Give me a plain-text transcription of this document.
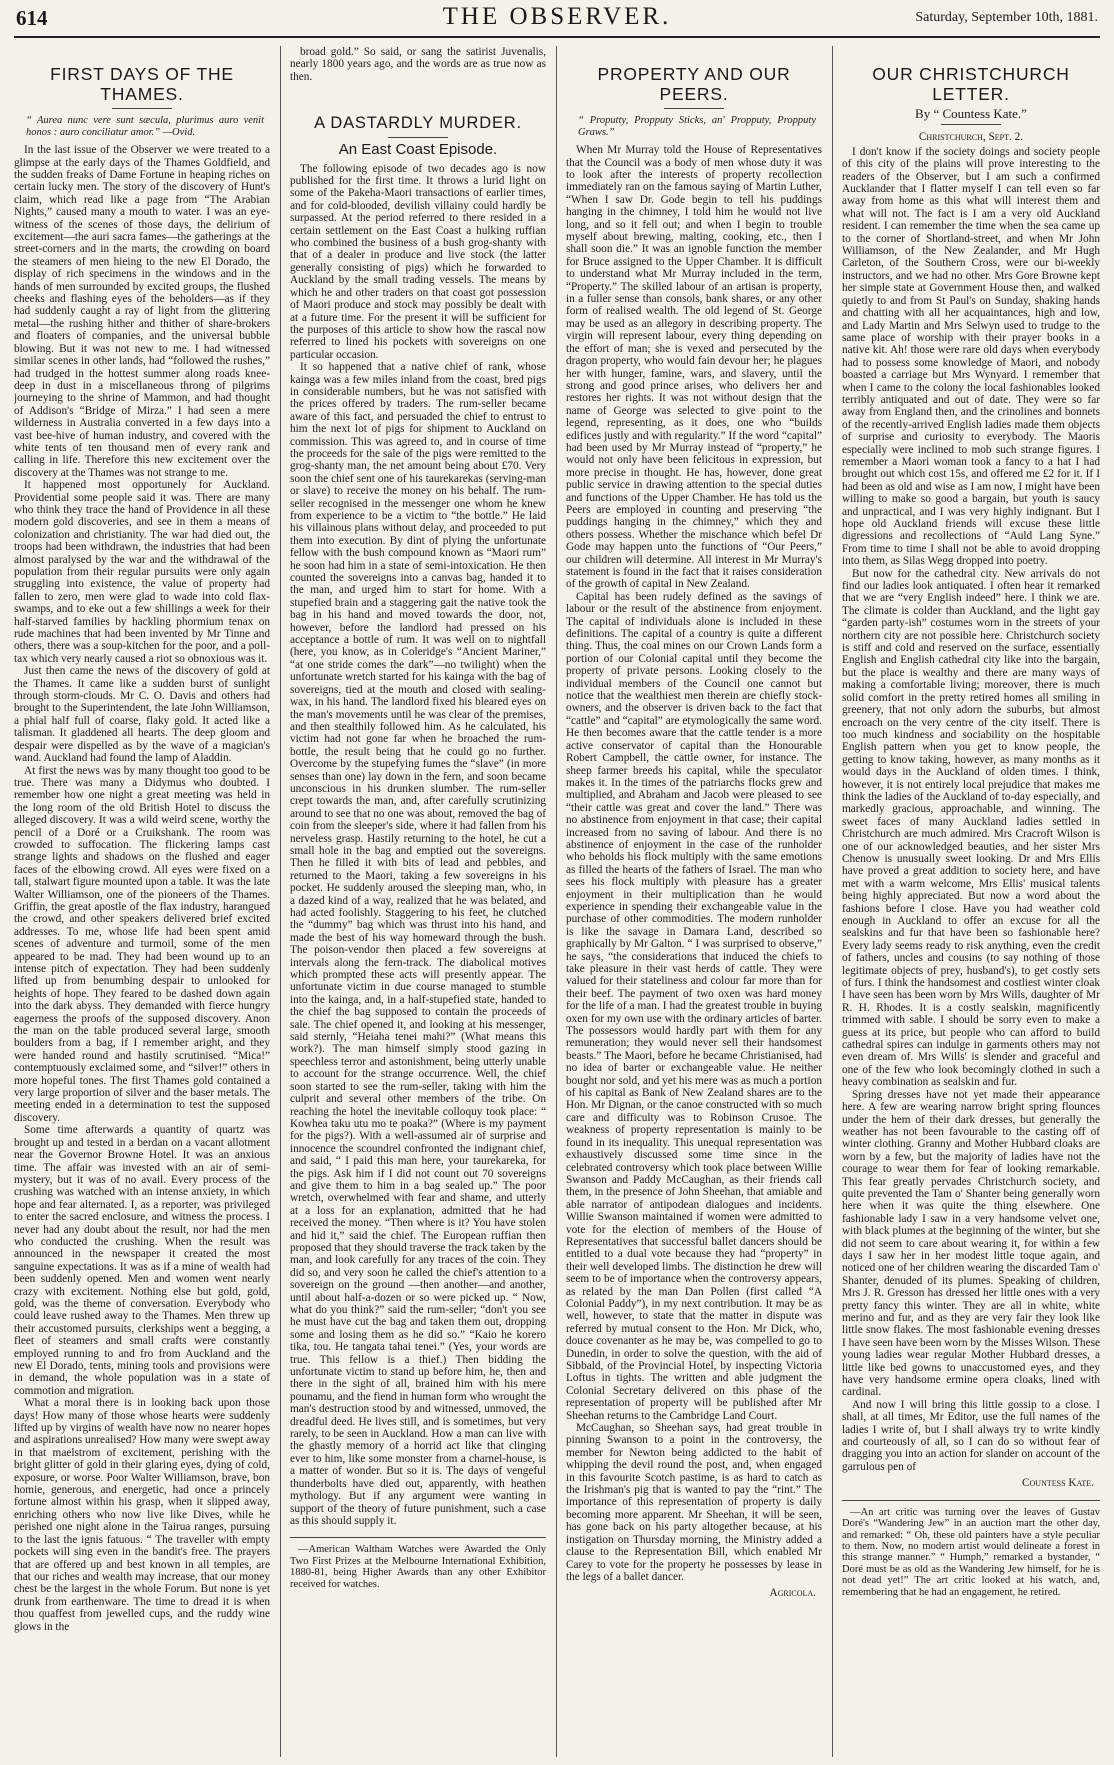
614	THE OBSERVER.	Saturday, September 10th, 1881.
FIRST DAYS OF THE THAMES.
“ Aurea nunc vere sunt sæcula, plurimus auro venit honos : auro conciliatur amor.” —Ovid.

In the last issue of the Observer we were treated to a glimpse at the early days of the Thames Goldfield, and the sudden freaks of Dame Fortune in heaping riches on certain lucky men. The story of the discovery of Hunt's claim, which read like a page from “The Arabian Nights,” caused many a mouth to water. I was an eye-witness of the scenes of those days, the delirium of excitement—the auri sacra fames—the gatherings at the street-corners and in the marts, the crowding on board the steamers of men hieing to the new El Dorado, the display of rich specimens in the windows and in the hands of men surrounded by excited groups, the flushed cheeks and flashing eyes of the beholders—as if they had suddenly caught a ray of light from the glittering metal—the rushing hither and thither of share-brokers and floaters of companies, and the universal bubble blowing. But it was not new to me. I had witnessed similar scenes in other lands, had “followed the rushes,” had trudged in the hottest summer along roads knee-deep in dust in a miscellaneous throng of pilgrims journeying to the shrine of Mammon, and had thought of Addison's “Bridge of Mirza.” I had seen a mere wilderness in Australia converted in a few days into a vast bee-hive of human industry, and covered with the white tents of ten thousand men of every rank and calling in life. Therefore this new excitement over the discovery at the Thames was not strange to me.

It happened most opportunely for Auckland. Providential some people said it was. There are many who think they trace the hand of Providence in all these modern gold discoveries, and see in them a means of colonization and christianity. The war had died out, the troops had been withdrawn, the industries that had been almost paralysed by the war and the withdrawal of the population from their regular pursuits were only again struggling into existence, the value of property had fallen to zero, men were glad to wade into cold flax-swamps, and to eke out a few shillings a week for their half-starved families by hackling phormium tenax on rude machines that had been invented by Mr Tinne and others, there was a soup-kitchen for the poor, and a poll-tax which very nearly caused a riot so obnoxious was it.

Just then came the news of the discovery of gold at the Thames. It came like a sudden burst of sunlight through storm-clouds. Mr C. O. Davis and others had brought to the Superintendent, the late John Williamson, a phial half full of coarse, flaky gold. It acted like a talisman. It gladdened all hearts. The deep gloom and despair were dispelled as by the wave of a magician's wand. Auckland had found the lamp of Aladdin.

At first the news was by many thought too good to be true. There was many a Didymus who doubted. I remember how one night a great meeting was held in the long room of the old British Hotel to discuss the alleged discovery. It was a wild weird scene, worthy the pencil of a Doré or a Cruikshank. The room was crowded to suffocation. The flickering lamps cast strange lights and shadows on the flushed and eager faces of the elbowing crowd. All eyes were fixed on a tall, stalwart figure mounted upon a table. It was the late Walter Williamson, one of the pioneers of the Thames. Griffin, the great apostle of the flax industry, harangued the crowd, and other speakers delivered brief excited addresses. To me, whose life had been spent amid scenes of adventure and turmoil, some of the men appeared to be mad. They had been wound up to an intense pitch of expectation. They had been suddenly lifted up from benumbing despair to unlooked for heights of hope. They feared to be dashed down again into the dark abyss. They demanded with fierce hungry eagerness the proofs of the supposed discovery. Anon the man on the table produced several large, smooth boulders from a bag, if I remember aright, and they were handed round and hastily scrutinised. “Mica!” contemptuously exclaimed some, and “silver!” others in more hopeful tones. The first Thames gold contained a very large proportion of silver and the baser metals. The meeting ended in a determination to test the supposed discovery.

Some time afterwards a quantity of quartz was brought up and tested in a berdan on a vacant allotment near the Governor Browne Hotel. It was an anxious time. The affair was invested with an air of semi-mystery, but it was of no avail. Every process of the crushing was watched with an intense anxiety, in which hope and fear alternated. I, as a reporter, was privileged to enter the sacred enclosure, and witness the process. I never had any doubt about the result, nor had the men who conducted the crushing. When the result was announced in the newspaper it created the most sanguine expectations. It was as if a mine of wealth had been suddenly opened. Men and women went nearly crazy with excitement. Nothing else but gold, gold, gold, was the theme of conversation. Everybody who could leave rushed away to the Thames. Men threw up their accustomed pursuits, clerkships went a begging, a fleet of steamers and small crafts were constantly employed running to and fro from Auckland and the new El Dorado, tents, mining tools and provisions were in demand, the whole population was in a state of commotion and migration.

What a moral there is in looking back upon those days! How many of those whose hearts were suddenly lifted up by virgins of wealth have now no nearer hopes and aspirations unrealised? How many were swept away in that maelstrom of excitement, perishing with the bright glitter of gold in their glaring eyes, dying of cold, exposure, or worse. Poor Walter Williamson, brave, bon homie, generous, and energetic, had once a princely fortune almost within his grasp, when it slipped away, enriching others who now live like Dives, while he perished one night alone in the Tairua ranges, pursuing to the last the ignis fatuous. “ The traveller with empty pockets will sing even in the bandit's free. The prayers that are offered up and best known in all temples, are that our riches and wealth may increase, that our money chest be the largest in the whole Forum. But none is yet drunk from earthenware. The time to dread it is when thou quaffest from jewelled cups, and the ruddy wine glows in the

broad gold.” So said, or sang the satirist Juvenalis, nearly 1800 years ago, and the words are as true now as then.

A DASTARDLY MURDER.
An East Coast Episode.

The following episode of two decades ago is now published for the first time. It throws a lurid light on some of the Pakeha-Maori transactions of earlier times, and for cold-blooded, devilish villainy could hardly be surpassed. At the period referred to there resided in a certain settlement on the East Coast a hulking ruffian who combined the business of a bush grog-shanty with that of a dealer in produce and live stock (the latter generally consisting of pigs) which he forwarded to Auckland by the small trading vessels. The means by which he and other traders on that coast got possession of Maori produce and stock may possibly be dealt with at a future time. For the present it will be sufficient for the purposes of this article to show how the rascal now referred to lined his pockets with sovereigns on one particular occasion.

It so happened that a native chief of rank, whose kainga was a few miles inland from the coast, bred pigs in considerable numbers, but he was not satisfied with the prices offered by traders. The rum-seller became aware of this fact, and persuaded the chief to entrust to him the next lot of pigs for shipment to Auckland on commission. This was agreed to, and in course of time the proceeds for the sale of the pigs were remitted to the grog-shanty man, the net amount being about £70. Very soon the chief sent one of his taurekarekas (serving-man or slave) to receive the money on his behalf. The rum-seller recognised in the messenger one whom he knew from experience to be a victim to “the bottle.” He laid his villainous plans without delay, and proceeded to put them into execution. By dint of plying the unfortunate fellow with the bush compound known as “Maori rum” he soon had him in a state of semi-intoxication. He then counted the sovereigns into a canvas bag, handed it to the man, and urged him to start for home. With a stupefied brain and a staggering gait the native took the bag in his hand and moved towards the door, not, however, before the landlord had pressed on his acceptance a bottle of rum. It was well on to nightfall (here, you know, as in Coleridge's “Ancient Mariner,” “at one stride comes the dark”—no twilight) when the unfortunate wretch started for his kainga with the bag of sovereigns, tied at the mouth and closed with sealing-wax, in his hand. The landlord fixed his bleared eyes on the man's movements until he was clear of the premises, and then stealthily followed him. As he calculated, his victim had not gone far when he broached the rum-bottle, the result being that he could go no further. Overcome by the stupefying fumes the “slave” (in more senses than one) lay down in the fern, and soon became unconscious in his drunken slumber. The rum-seller crept towards the man, and, after carefully scrutinizing around to see that no one was about, removed the bag of coin from the sleeper's side, where it had fallen from his nerveless grasp. Hastily returning to the hotel, he cut a small hole in the bag and emptied out the sovereigns. Then he filled it with bits of lead and pebbles, and returned to the Maori, taking a few sovereigns in his pocket. He suddenly aroused the sleeping man, who, in a dazed kind of a way, realized that he was belated, and had acted foolishly. Staggering to his feet, he clutched the “dummy” bag which was thrust into his hand, and made the best of his way homeward through the bush. The poison-vendor then placed a few sovereigns at intervals along the fern-track. The diabolical motives which prompted these acts will presently appear. The unfortunate victim in due course managed to stumble into the kainga, and, in a half-stupefied state, handed to the chief the bag supposed to contain the proceeds of sale. The chief opened it, and looking at his messenger, said sternly, “Heiaha tenei mahi?” (What means this work?). The man himself simply stood gazing in speechless terror and astonishment, being utterly unable to account for the strange occurrence. Well, the chief soon started to see the rum-seller, taking with him the culprit and several other members of the tribe. On reaching the hotel the inevitable colloquy took place: “ Kowhea taku utu mo te poaka?” (Where is my payment for the pigs?). With a well-assumed air of surprise and innocence the scoundrel confronted the indignant chief, and said, “ I paid this man here, your taurekareka, for the pigs. Ask him if I did not count out 70 sovereigns and give them to him in a bag sealed up.” The poor wretch, overwhelmed with fear and shame, and utterly at a loss for an explanation, admitted that he had received the money. “Then where is it? You have stolen and hid it,” said the chief. The European ruffian then proposed that they should traverse the track taken by the man, and look carefully for any traces of the coin. They did so, and very soon he called the chief's attention to a sovereign on the ground —then another—and another, until about half-a-dozen or so were picked up. “ Now, what do you think?” said the rum-seller; “don't you see he must have cut the bag and taken them out, dropping some and losing them as he did so.” “Kaio he korero tika, tou. He tangata tahai tenei.” (Yes, your words are true. This fellow is a thief.) Then bidding the unfortunate victim to stand up before him, he, then and there in the sight of all, brained him with his mere pounamu, and the fiend in human form who wrought the man's destruction stood by and witnessed, unmoved, the dreadful deed. He lives still, and is sometimes, but very rarely, to be seen in Auckland. How a man can live with the ghastly memory of a horrid act like that clinging ever to him, like some monster from a charnel-house, is a matter of wonder. But so it is. The days of vengeful thunderbolts have died out, apparently, with heathen mythology. But if any argument were wanting in support of the theory of future punishment, such a case as this should supply it.

—American Waltham Watches were Awarded the Only Two First Prizes at the Melbourne International Exhibition, 1880-81, being Higher Awards than any other Exhibitor received for watches.
PROPERTY AND OUR PEERS.
“ Proputty, Propputy Sticks, an' Propputy, Propputy Graws.”

When Mr Murray told the House of Representatives that the Council was a body of men whose duty it was to look after the interests of property recollection immediately ran on the famous saying of Martin Luther, “When I saw Dr. Gode begin to tell his puddings hanging in the chimney, I told him he would not live long, and so it fell out; and when I begin to trouble myself about brewing, malting, cooking, etc., then I shall soon die.” It was an ignoble function the member for Bruce assigned to the Upper Chamber. It is difficult to understand what Mr Murray included in the term, “Property.” The skilled labour of an artisan is property, in a fuller sense than consols, bank shares, or any other form of realised wealth. The old legend of St. George may be used as an allegory in describing property. The virgin will represent labour, every thing depending on the effort of man; she is vexed and persecuted by the dragon property, who would fain devour her; he plagues her with hunger, famine, wars, and slavery, until the strong and good prince arises, who delivers her and restores her rights. It was not without design that the name of George was selected to give point to the legend, representing, as it does, one who “builds edifices justly and with regularity.” If the word “capital” had been used by Mr Murray instead of “property,” he would not only have been felicitous in expression, but more precise in thought. He has, however, done great public service in drawing attention to the special duties and functions of the Upper Chamber. He has told us the Peers are employed in counting and preserving “the puddings hanging in the chimney,” which they and others possess. Whether the mischance which befel Dr Gode may happen unto the functions of “Our Peers,” our children will determine. All interest in Mr Murray's statement is found in the fact that it raises consideration of the growth of capital in New Zealand.

Capital has been rudely defined as the savings of labour or the result of the abstinence from enjoyment. The capital of individuals alone is included in these definitions. The capital of a country is quite a different thing. Thus, the coal mines on our Crown Lands form a portion of our Colonial capital until they become the property of private persons. Looking closely to the individual members of the Council one cannot but notice that the wealthiest men therein are chiefly stock-owners, and the observer is driven back to the fact that “cattle” and “capital” are etymologically the same word. He then becomes aware that the cattle tender is a more active conservator of capital than the Honourable Robert Campbell, the cattle owner, for instance. The sheep farmer breeds his capital, while the speculator makes it. In the times of the patriarchs flocks grew and multiplied, and Abraham and Jacob were pleased to see “their cattle was great and cover the land.” There was no abstinence from enjoyment in that case; their capital increased from no saving of labour. And there is no abstinence of enjoyment in the case of the runholder who beholds his flock multiply with the same emotions as filled the hearts of the fathers of Israel. The man who sees his flock multiply with pleasure has a greater enjoyment in their multiplication than he would experience in spending their exchangeable value in the purchase of other commodities. The modern runholder is like the savage in Damara Land, described so graphically by Mr Galton. “ I was surprised to observe,” he says, “the considerations that induced the chiefs to take pleasure in their vast herds of cattle. They were valued for their stateliness and colour far more than for their beef. The payment of two oxen was hard money for the life of a man. I had the greatest trouble in buying oxen for my own use with the ordinary articles of barter. The possessors would hardly part with them for any remuneration; they would never sell their handsomest beasts.” The Maori, before he became Christianised, had no idea of barter or exchangeable value. He neither bought nor sold, and yet his mere was as much a portion of his capital as Bank of New Zealand shares are to the Hon. Mr Dignan, or the canoe constructed with so much care and difficulty was to Robinson Crusoe. The weakness of property representation is mainly to be found in its inequality. This unequal representation was exhaustively discussed some time since in the celebrated controversy which took place between Willie Swanson and Paddy McCaughan, as their friends call them, in the presence of John Sheehan, that amiable and able narrator of antipodean dialogues and incidents. Willie Swanson maintained if women were admitted to vote for the election of members of the House of Representatives that successful ballet dancers should be entitled to a dual vote because they had “property” in their well developed limbs. The distinction he drew will seem to be of importance when the controversy appears, as related by the man Dan Pollen (first called “A Colonial Paddy”), in my next contribution. It may be as well, however, to state that the matter in dispute was referred by mutual consent to the Hon. Mr Dick, who, douce covenanter as he may be, was compelled to go to Dunedin, in order to solve the question, with the aid of Sibbald, of the Provincial Hotel, by inspecting Victoria Loftus in tights. The written and able judgment the Colonial Secretary delivered on this phase of the representation of property will be published after Mr Sheehan returns to the Cambridge Land Court.

McCaughan, so Sheehan says, had great trouble in pinning Swanson to a point in the controversy, the member for Newton being addicted to the habit of whipping the devil round the post, and, when engaged in this favourite Scotch pastime, is as hard to catch as the Irishman's pig that is wanted to pay the “rint.” The importance of this representation of property is daily becoming more apparent. Mr Sheehan, it will be seen, has gone back on his party altogether because, at his instigation on Thursday morning, the Ministry added a clause to the Representation Bill, which enabled Mr Carey to vote for the property he possesses by lease in the legs of a ballet dancer.

Agricola.
OUR CHRISTCHURCH LETTER.
By “ Countess Kate.”
Christchurch, Sept. 2.

I don't know if the society doings and society people of this city of the plains will prove interesting to the readers of the Observer, but I am such a confirmed Aucklander that I flatter myself I can tell even so far away from home as this what will interest them and what will not. The fact is I am a very old Auckland resident. I can remember the time when the sea came up to the corner of Shortland-street, and when Mr John Williamson, of the New Zealander, and Mr Hugh Carleton, of the Southern Cross, were our bi-weekly instructors, and we had no other. Mrs Gore Browne kept her simple state at Government House then, and walked quietly to and from St Paul's on Sunday, shaking hands and chatting with all her acquaintances, high and low, and Lady Martin and Mrs Selwyn used to trudge to the same place of worship with their prayer books in a native kit. Ah! those were rare old days when everybody had to possess some knowledge of Maori, and nobody boasted a carriage but Mrs Wynyard. I remember that when I came to the colony the local fashionables looked terribly antiquated and out of date. They were so far away from England then, and the crinolines and bonnets of the recently-arrived English ladies made them objects of surprise and curiosity to everybody. The Maoris especially were inclined to mob such strange figures. I remember a Maori woman took a fancy to a hat I had brought out which cost 15s, and offered me £2 for it. If I had been as old and wise as I am now, I might have been willing to make so good a bargain, but youth is saucy and unpractical, and I was very highly indignant. But I hope old Auckland friends will excuse these little digressions and recollections of “Auld Lang Syne.” From time to time I shall not be able to avoid dropping into them, as Silas Wegg dropped into poetry.

But now for the cathedral city. New arrivals do not find our ladies look antiquated. I often hear it remarked that we are “very English indeed” here. I think we are. The climate is colder than Auckland, and the light gay “garden party-ish” costumes worn in the streets of your northern city are not possible here. Christchurch society is stiff and cold and reserved on the surface, essentially English and English cathedral city like into the bargain, but the place is wealthy and there are many ways of making a comfortable living; moreover, there is much solid comfort in the pretty retired homes all smiling in greenery, that not only adorn the suburbs, but almost encroach on the very centre of the city itself. There is too much kindness and sociability on the hospitable English pattern when you get to know people, the getting to know taking, however, as many months as it would days in the Auckland of olden times. I think, however, it is not entirely local prejudice that makes me think the ladies of the Auckland of to-day especially, and markedly gracious, approachable, and winning. The sweet faces of many Auckland ladies settled in Christchurch are much admired. Mrs Cracroft Wilson is one of our acknowledged beauties, and her sister Mrs Chenow is unusually sweet looking. Dr and Mrs Ellis have proved a great addition to society here, and have met with a warm welcome, Mrs Ellis' musical talents being highly appreciated. But now a word about the fashions before I close. Have you had weather cold enough in Auckland to offer an excuse for all the sealskins and fur that have been so fashionable here? Every lady seems ready to risk anything, even the credit of fathers, uncles and cousins (to say nothing of those legitimate objects of prey, husband's), to get costly sets of furs. I think the handsomest and costliest winter cloak I have seen has been worn by Mrs Wills, daughter of Mr R. H. Rhodes. It is a costly sealskin, magnificently trimmed with sable. I should be sorry even to make a guess at its price, but people who can afford to build cathedral spires can indulge in garments others may not even dream of. Mrs Wills' is slender and graceful and one of the few who look becomingly clothed in such a heavy combination as sealskin and fur.

Spring dresses have not yet made their appearance here. A few are wearing narrow bright spring flounces under the hem of their dark dresses, but generally the weather has not been favourable to the casting off of winter clothing. Granny and Mother Hubbard cloaks are worn by a few, but the majority of ladies have not the courage to wear them for fear of looking remarkable. This fear greatly pervades Christchurch society, and quite prevented the Tam o' Shanter being generally worn here when it was quite the thing elsewhere. One fashionable lady I saw in a very handsome velvet one, with black plumes at the beginning of the winter, but she did not seem to care about wearing it, for within a few days I saw her in her modest little toque again, and noticed one of her children wearing the discarded Tam o' Shanter, denuded of its plumes. Speaking of children, Mrs J. R. Gresson has dressed her little ones with a very pretty fancy this winter. They are all in white, white merino and fur, and as they are very fair they look like little snow flakes. The most fashionable evening dresses I have seen have been worn by the Misses Wilson. These young ladies wear regular Mother Hubbard dresses, a little like bed gowns to unaccustomed eyes, and they have very handsome ermine opera cloaks, lined with cardinal.

And now I will bring this little gossip to a close. I shall, at all times, Mr Editor, use the full names of the ladies I write of, but I shall always try to write kindly and courteously of all, so I can do so without fear of dragging you into an action for slander on account of the garrulous pen of

Countess Kate.
—An art critic was turning over the leaves of Gustav Doré's “Wandering Jew” in an auction mart the other day, and remarked: “ Oh, these old painters have a style peculiar to them. Now, no modern artist would delineate a forest in this strange manner.” “ Humph,” remarked a bystander, “ Doré must be as old as the Wandering Jew himself, for he is not dead yet!” The art critic looked at his watch, and, remembering that he had an engagement, he retired.
